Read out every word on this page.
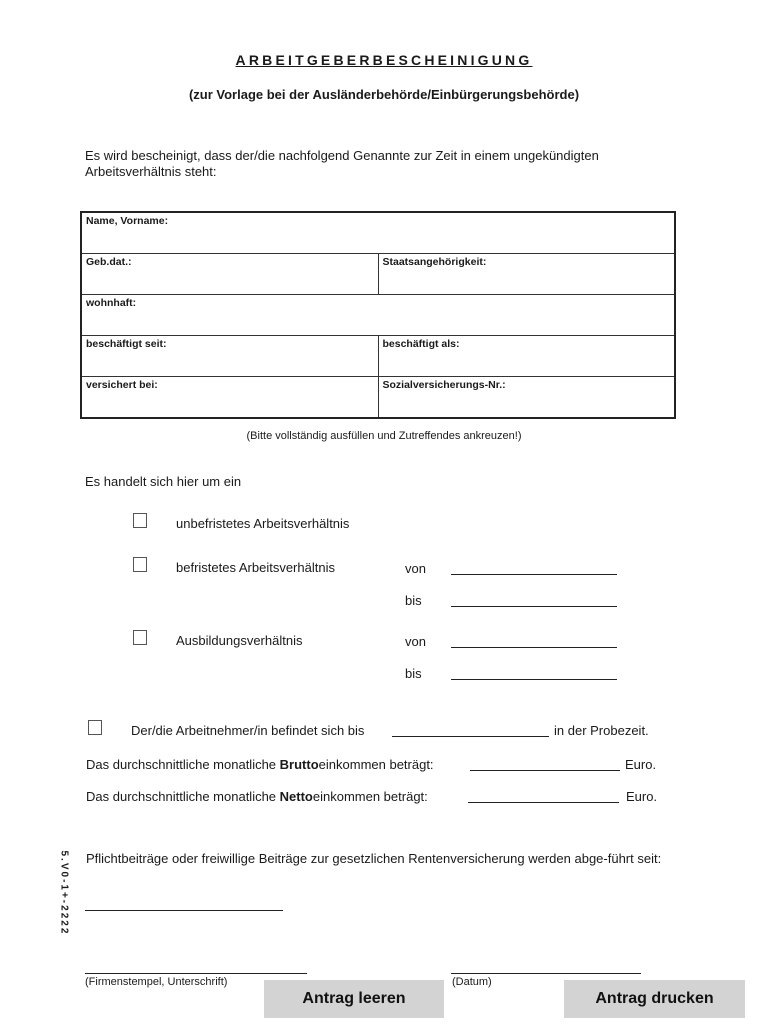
ARBEITGEBERBESCHEINIGUNG
(zur Vorlage bei der Ausländerbehörde/Einbürgerungsbehörde)
Es wird bescheinigt, dass der/die nachfolgend Genannte zur Zeit in einem ungekündigten Arbeitsverhältnis steht:
Name, Vorname:	
Geb.dat.:	Staatsangehörigkeit:
wohnhaft:	
beschäftigt seit:	beschäftigt als:
versichert bei:	Sozialversicherungs-Nr.:
(Bitte vollständig ausfüllen und Zutreffendes ankreuzen!)
Es handelt sich hier um ein
unbefristetes Arbeitsverhältnis
befristetes Arbeitsverhältnis	von
bis
Ausbildungsverhältnis	von
bis
Der/die Arbeitnehmer/in befindet sich bis	in der Probezeit.
Das durchschnittliche monatliche Bruttoeinkommen beträgt:	Euro.
Das durchschnittliche monatliche Nettoeinkommen beträgt:	Euro.
Pflichtbeiträge oder freiwillige Beiträge zur gesetzlichen Rentenversicherung werden abge-führt seit:
(Firmenstempel, Unterschrift)	(Datum)
Antrag leeren	Antrag drucken
5.V0-1+-2222
